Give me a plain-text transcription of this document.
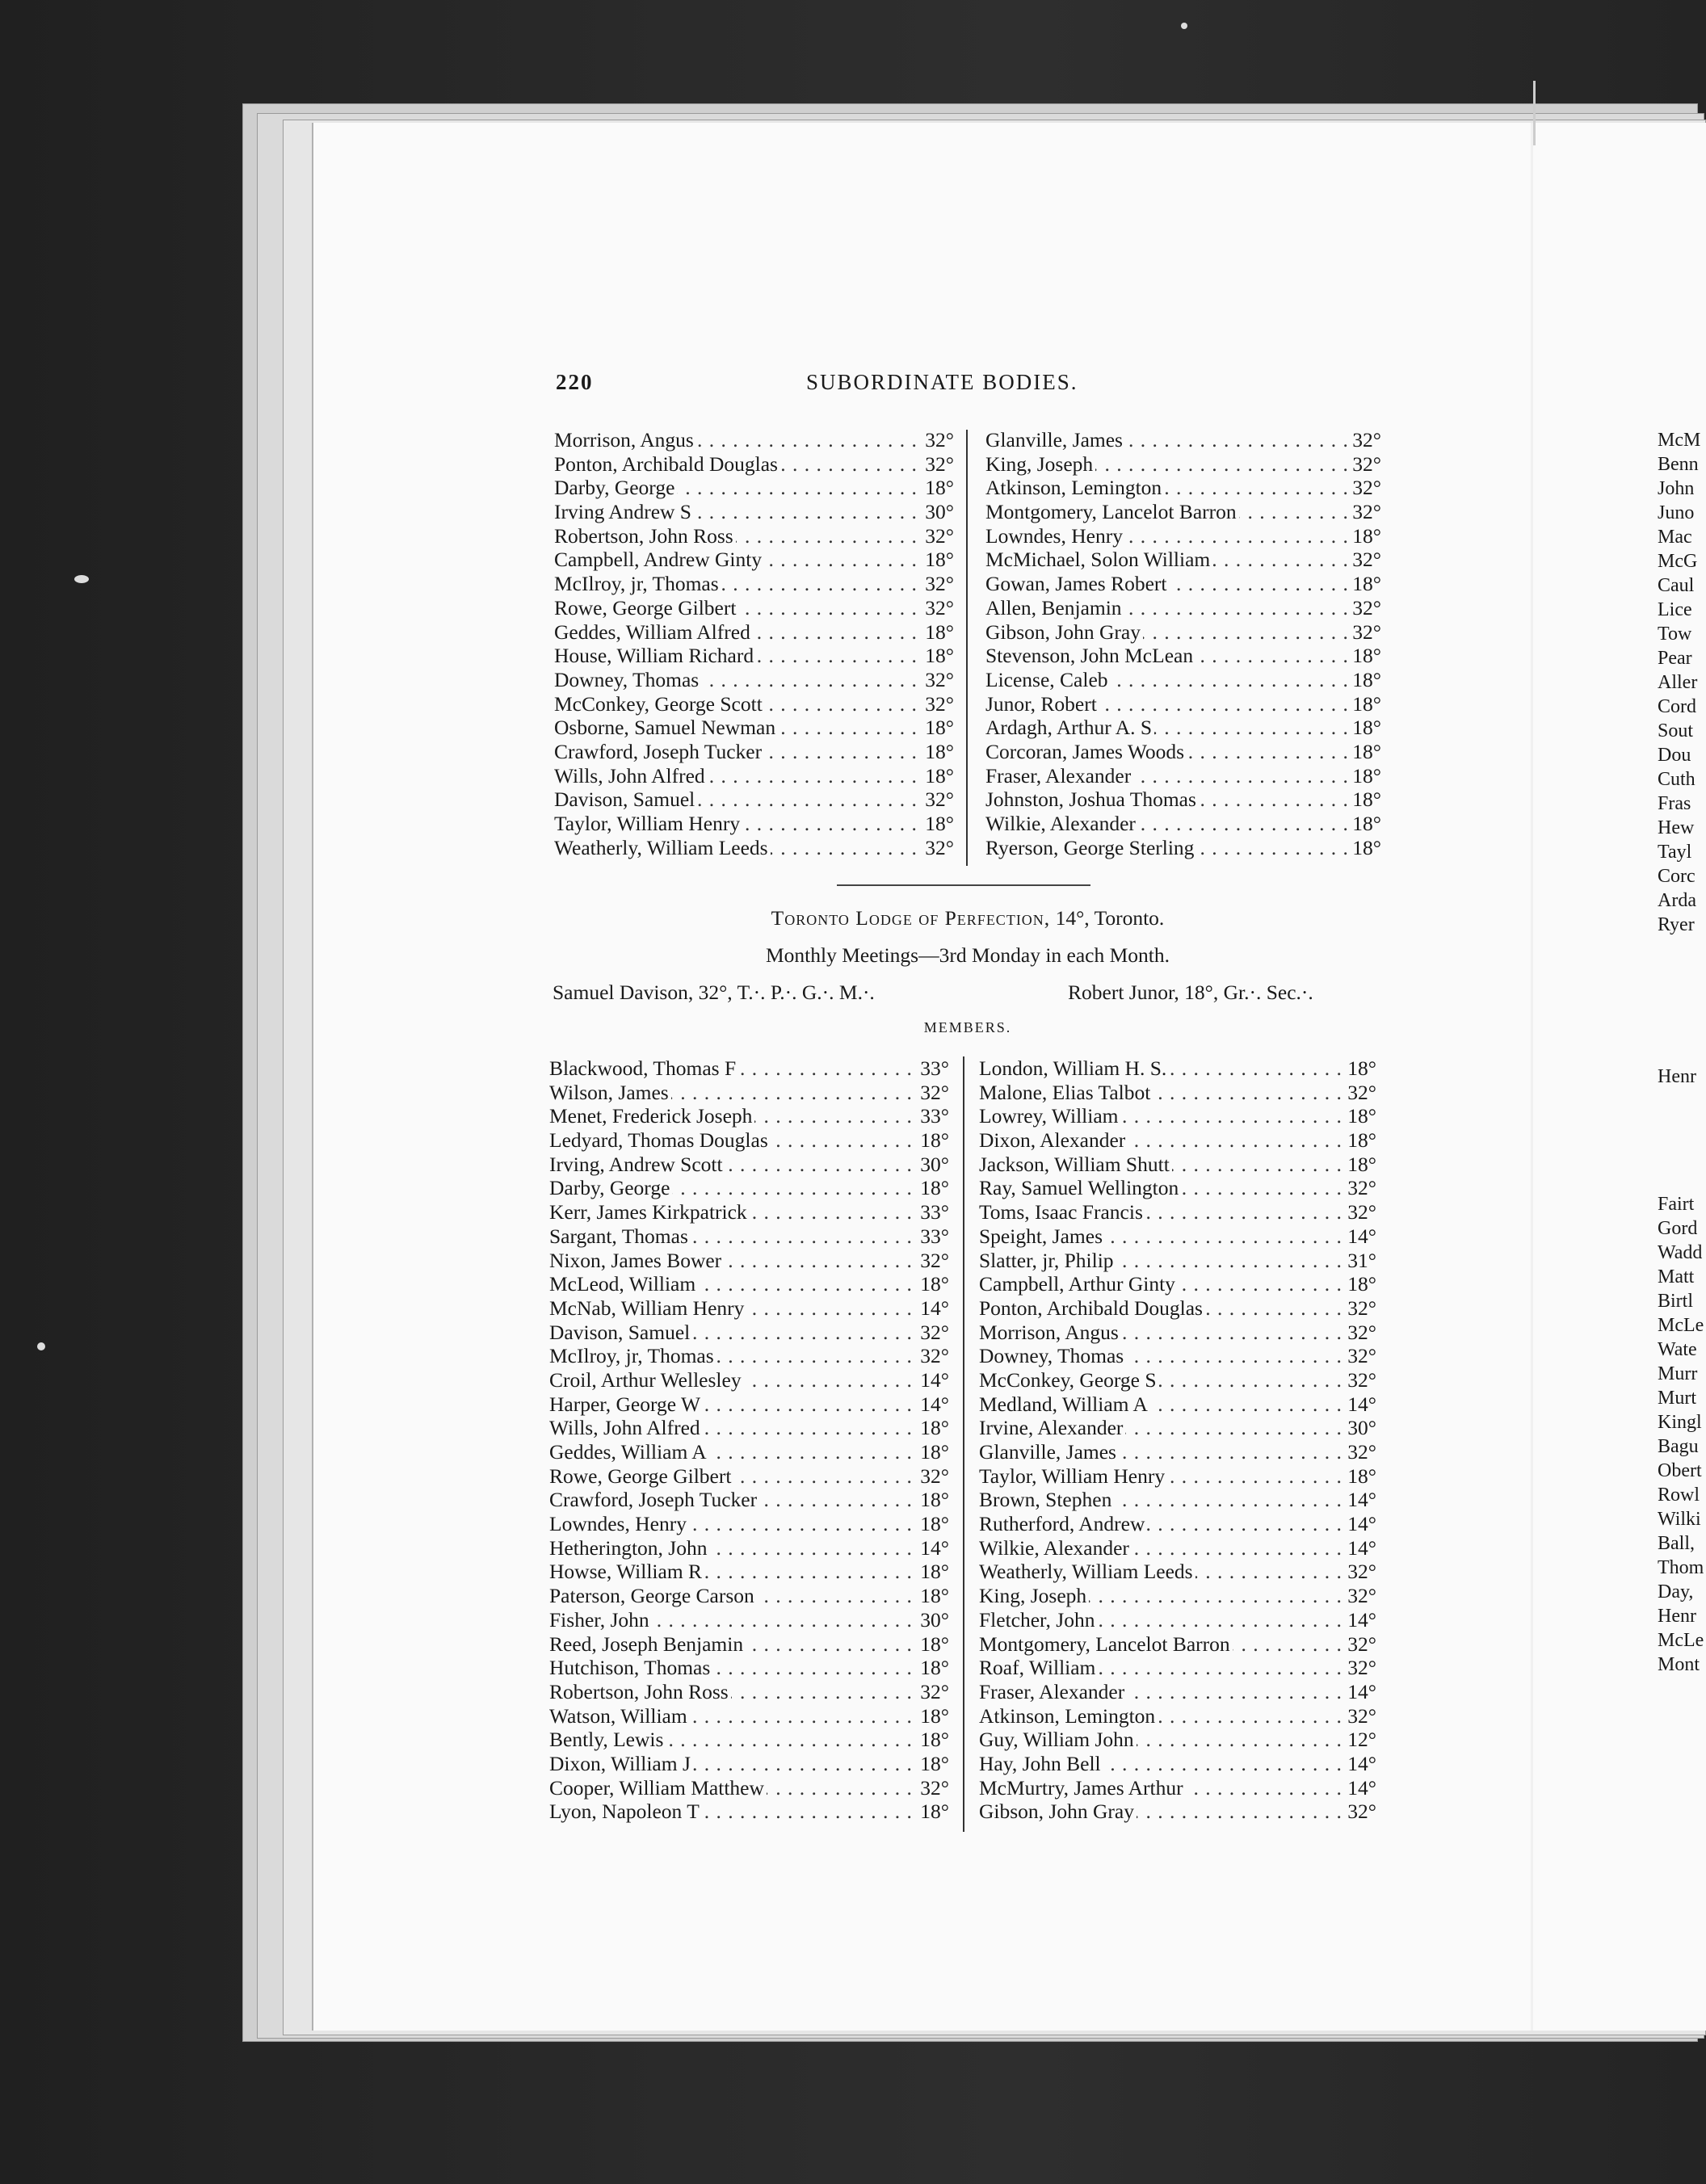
220	SUBORDINATE BODIES.
Morrison, Angus	32°
. . .
Ponton, Archibald Douglas	32°
. . .
Darby, George	18°
. . .
Irving Andrew S	30°
. . .
Robertson, John Ross	32°
. . .
Campbell, Andrew Ginty	18°
. . .
McIlroy, jr, Thomas	32°
. . .
Rowe, George Gilbert	32°
. . .
Geddes, William Alfred	18°
. . .
House, William Richard	18°
. . .
Downey, Thomas	32°
. . .
McConkey, George Scott	32°
. . .
Osborne, Samuel Newman	18°
. . .
Crawford, Joseph Tucker	18°
. . .
Wills, John Alfred	18°
. . .
Davison, Samuel	32°
. . .
Taylor, William Henry	18°
. . .
Weatherly, William Leeds	32°
. . .
Glanville, James	32°
. . .
King, Joseph	32°
. . .
Atkinson, Lemington	32°
. . .
Montgomery, Lancelot Barron	32°
. . .
Lowndes, Henry	18°
. . .
McMichael, Solon William	32°
. . .
Gowan, James Robert	18°
. . .
Allen, Benjamin	32°
. . .
Gibson, John Gray	32°
. . .
Stevenson, John McLean	18°
. . .
License, Caleb	18°
. . .
Junor, Robert	18°
. . .
Ardagh, Arthur A. S	18°
. . .
Corcoran, James Woods	18°
. . .
Fraser, Alexander	18°
. . .
Johnston, Joshua Thomas	18°
. . .
Wilkie, Alexander	18°
. . .
Ryerson, George Sterling	18°
. . .
Toronto Lodge of Perfection, 14°, Toronto.
Monthly Meetings—3rd Monday in each Month.
Samuel Davison, 32°, T.·. P.·. G.·. M.·.	Robert Junor, 18°, Gr.·. Sec.·.
MEMBERS.
Blackwood, Thomas F	33°
. . .
Wilson, James	32°
. . .
Menet, Frederick Joseph	33°
. . .
Ledyard, Thomas Douglas	18°
. . .
Irving, Andrew Scott	30°
. . .
Darby, George	18°
. . .
Kerr, James Kirkpatrick	33°
. . .
Sargant, Thomas	33°
. . .
Nixon, James Bower	32°
. . .
McLeod, William	18°
. . .
McNab, William Henry	14°
. . .
Davison, Samuel	32°
. . .
McIlroy, jr, Thomas	32°
. . .
Croil, Arthur Wellesley	14°
. . .
Harper, George W	14°
. . .
Wills, John Alfred	18°
. . .
Geddes, William A	18°
. . .
Rowe, George Gilbert	32°
. . .
Crawford, Joseph Tucker	18°
. . .
Lowndes, Henry	18°
. . .
Hetherington, John	14°
. . .
Howse, William R	18°
. . .
Paterson, George Carson	18°
. . .
Fisher, John	30°
. . .
Reed, Joseph Benjamin	18°
. . .
Hutchison, Thomas	18°
. . .
Robertson, John Ross	32°
. . .
Watson, William	18°
. . .
Bently, Lewis	18°
. . .
Dixon, William J	18°
. . .
Cooper, William Matthew	32°
. . .
Lyon, Napoleon T	18°
. . .
London, William H. S.	18°
. . .
Malone, Elias Talbot	32°
. . .
Lowrey, William	18°
. . .
Dixon, Alexander	18°
. . .
Jackson, William Shutt	18°
. . .
Ray, Samuel Wellington	32°
. . .
Toms, Isaac Francis	32°
. . .
Speight, James	14°
. . .
Slatter, jr, Philip	31°
. . .
Campbell, Arthur Ginty	18°
. . .
Ponton, Archibald Douglas	32°
. . .
Morrison, Angus	32°
. . .
Downey, Thomas	32°
. . .
McConkey, George S	32°
. . .
Medland, William A	14°
. . .
Irvine, Alexander	30°
. . .
Glanville, James	32°
. . .
Taylor, William Henry	18°
. . .
Brown, Stephen	14°
. . .
Rutherford, Andrew	14°
. . .
Wilkie, Alexander	14°
. . .
Weatherly, William Leeds	32°
. . .
King, Joseph	32°
. . .
Fletcher, John	14°
. . .
Montgomery, Lancelot Barron	32°
. . .
Roaf, William	32°
. . .
Fraser, Alexander	14°
. . .
Atkinson, Lemington	32°
. . .
Guy, William John	12°
. . .
Hay, John Bell	14°
. . .
McMurtry, James Arthur	14°
. . .
Gibson, John Gray	32°
. . .
McM
Benn
John
Juno
Mac
McG
Caul
Lice
Tow
Pear
Aller
Cord
Sout
Dou
Cuth
Fras
Hew
Tayl
Corc
Arda
Ryer
Henr
Fairt
Gord
Wadd
Matt
Birtl
McLe
Wate
Murr
Murt
Kingl
Bagu
Obert
Rowl
Wilki
Ball,
Thom
Day,
Henr
McLe
Mont
